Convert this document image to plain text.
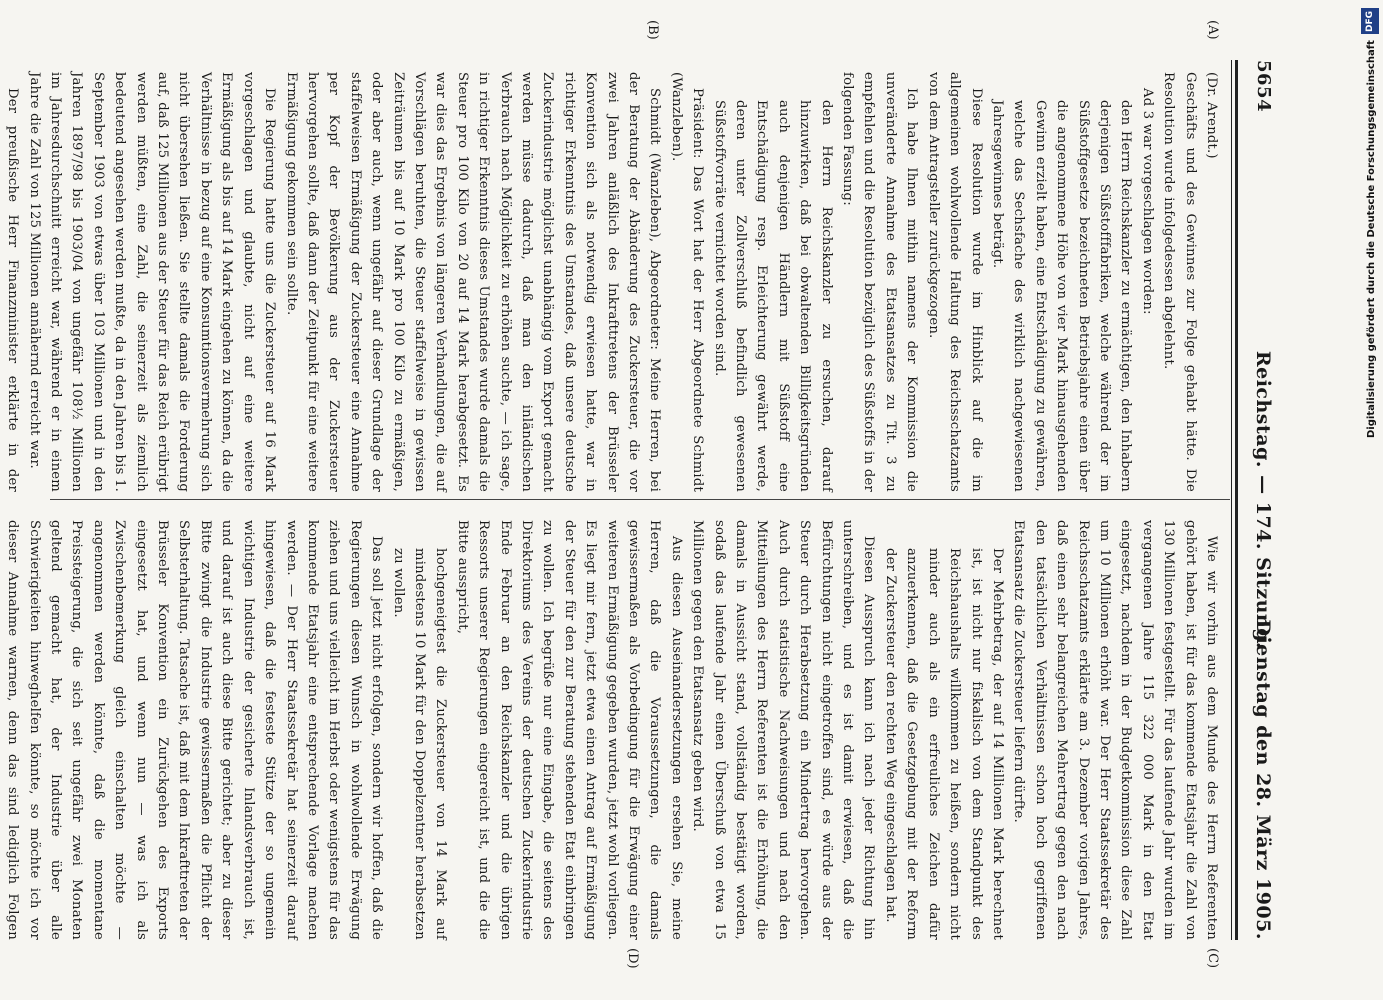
5654
Reichstag. — 174. Sitzung.
Dienstag den 28. März 1905.
(A)
(B)
(C)
(D)

(Dr. Arendt.)

Geschäfts und des Gewinnes zur Folge gehabt hätte. Die Resolution wurde infolgedessen abgelehnt.

Ad 3 war vorgeschlagen worden:

den Herrn Reichskanzler zu ermächtigen, den Inhabern derjenigen Süßstofffabriken, welche während der im Süßstoffgesetze bezeichneten Betriebsjahre einen über die angenommene Höhe von vier Mark hinausgehenden Gewinn erzielt haben, eine Entschädigung zu gewähren, welche das Sechsfache des wirklich nachgewiesenen Jahresgewinnes beträgt.

Diese Resolution wurde im Hinblick auf die im allgemeinen wohlwollende Haltung des Reichsschatzamts von dem Antragsteller zurückgezogen.

Ich habe Ihnen mithin namens der Kommission die unveränderte Annahme des Etatsansatzes zu Tit. 3 zu empfehlen und die Resolution bezüglich des Süßstoffs in der folgenden Fassung:

den Herrn Reichskanzler zu ersuchen, darauf hinzuwirken, daß bei obwaltenden Billigkeitsgründen auch denjenigen Händlern mit Süßstoff eine Entschädigung resp. Erleichterung gewährt werde, deren unter Zollverschluß befindlich gewesenen Süßstoffvorräte vernichtet worden sind.

Präsident: Das Wort hat der Herr Abgeordnete Schmidt (Wanzleben).

Schmidt (Wanzleben), Abgeordneter: Meine Herren, bei der Beratung der Abänderung des Zuckersteuer, die vor zwei Jahren anläßlich des Inkrafttretens der Brüsseler Konvention sich als notwendig erwiesen hatte, war in richtiger Erkenntnis des Umstandes, daß unsere deutsche Zuckerindustrie möglichst unabhängig vom Export gemacht werden müsse dadurch, daß man den inländischen Verbrauch nach Möglichkeit zu erhöhen suchte, — ich sage, in richtiger Erkenntnis dieses Umstandes wurde damals die Steuer pro 100 Kilo von 20 auf 14 Mark herabgesetzt. Es war dies das Ergebnis von längeren Verhandlungen, die auf Vorschlägen beruhten, die Steuer staffelweise in gewissen Zeiträumen bis auf 10 Mark pro 100 Kilo zu ermäßigen, oder aber auch, wenn ungefähr auf dieser Grundlage der staffelweisen Ermäßigung der Zuckersteuer eine Annahme per Kopf der Bevölkerung aus der Zuckersteuer hervorgehen sollte, daß dann der Zeitpunkt für eine weitere Ermäßigung gekommen sein sollte.

Die Regierung hatte uns die Zuckersteuer auf 16 Mark vorgeschlagen und glaubte, nicht auf eine weitere Ermäßigung als bis auf 14 Mark eingehen zu können, da die Verhältnisse in bezug auf eine Konsumtionsvermehrung sich nicht übersehen ließen. Sie stellte damals die Forderung auf, daß 125 Millionen aus der Steuer für das Reich erübrigt werden müßten, eine Zahl, die seinerzeit als ziemlich bedeutend angesehen werden mußte, da in den Jahren bis 1. September 1903 von etwas über 103 Millionen und in den Jahren 1897/98 bis 1903/04 von ungefähr 108½ Millionen im Jahresdurchschnitt erreicht war, während er in einem Jahre die Zahl von 125 Millionen annähernd erreicht war.

Der preußische Herr Finanzminister erklärte in der

Wie wir vorhin aus dem Munde des Herrn Referenten gehört haben, ist für das kommende Etatsjahr die Zahl von 130 Millionen festgestellt. Für das laufende Jahr wurden im vergangenen Jahre 115 322 000 Mark in den Etat eingesetzt, nachdem in der Budgetkommission diese Zahl um 10 Millionen erhöht war. Der Herr Staatssekretär des Reichsschatzamts erklärte am 3. Dezember vorigen Jahres, daß einen sehr belangreichen Mehrertrag gegen den nach den tatsächlichen Verhältnissen schon hoch gegriffenen Etatsansatz die Zuckersteuer liefern dürfte.

Der Mehrbetrag, der auf 14 Millionen Mark berechnet ist, ist nicht nur fiskalisch von dem Standpunkt des Reichshaushalts willkommen zu heißen, sondern nicht minder auch als ein erfreuliches Zeichen dafür anzuerkennen, daß die Gesetzgebung mit der Reform der Zuckersteuer den rechten Weg eingeschlagen hat.

Diesen Ausspruch kann ich nach jeder Richtung hin unterschreiben, und es ist damit erwiesen, daß die Befürchtungen nicht eingetroffen sind, es würde aus der Steuer durch Herabsetzung ein Mindertrag hervorgehen. Auch durch statistische Nachweisungen und nach den Mitteilungen des Herrn Referenten ist die Erhöhung, die damals in Aussicht stand, vollständig bestätigt worden, sodaß das laufende Jahr einen Überschuß von etwa 15 Millionen gegen den Etatsansatz geben wird.

Aus diesen Auseinandersetzungen ersehen Sie, meine Herren, daß die Voraussetzungen, die damals gewissermaßen als Vorbedingung für die Erwägung einer weiteren Ermäßigung gegeben wurden, jetzt wohl vorliegen. Es liegt mir fern, jetzt etwa einen Antrag auf Ermäßigung der Steuer für den zur Beratung stehenden Etat einbringen zu wollen. Ich begrüße nur eine Eingabe, die seitens des Direktoriums des Vereins der deutschen Zuckerindustrie Ende Februar an den Reichskanzler und die übrigen Ressorts unserer Regierungen eingereicht ist, und die die Bitte ausspricht,

hochgeneigtest die Zuckersteuer von 14 Mark auf mindestens 10 Mark für den Doppelzentner herabsetzen zu wollen.

Das soll jetzt nicht erfolgen, sondern wir hoffen, daß die Regierungen diesen Wunsch in wohlwollende Erwägung ziehen und uns vielleicht im Herbst oder wenigstens für das kommende Etatsjahr eine entsprechende Vorlage machen werden. — Der Herr Staatssekretär hat seinerzeit darauf hingewiesen, daß die festeste Stütze der so ungemein wichtigen Industrie der gesicherte Inlandsverbrauch ist, und darauf ist auch diese Bitte gerichtet; aber zu dieser Bitte zwingt die Industrie gewissermaßen die Pflicht der Selbsterhaltung. Tatsache ist, daß mit dem Inkrafttreten der Brüsseler Konvention ein Zurückgehen des Exports eingesetzt hat, und wenn nun — was ich als Zwischenbemerkung gleich einschalten möchte — angenommen werden könnte, daß die momentane Preissteigerung, die sich seit ungefähr zwei Monaten geltend gemacht hat, der Industrie über alle Schwierigkeiten hinweghelfen könnte, so möchte ich vor dieser Annahme warnen, denn das sind lediglich Folgen

DFG
Digitalisierung gefördert durch die Deutsche Forschungsgemeinschaft
